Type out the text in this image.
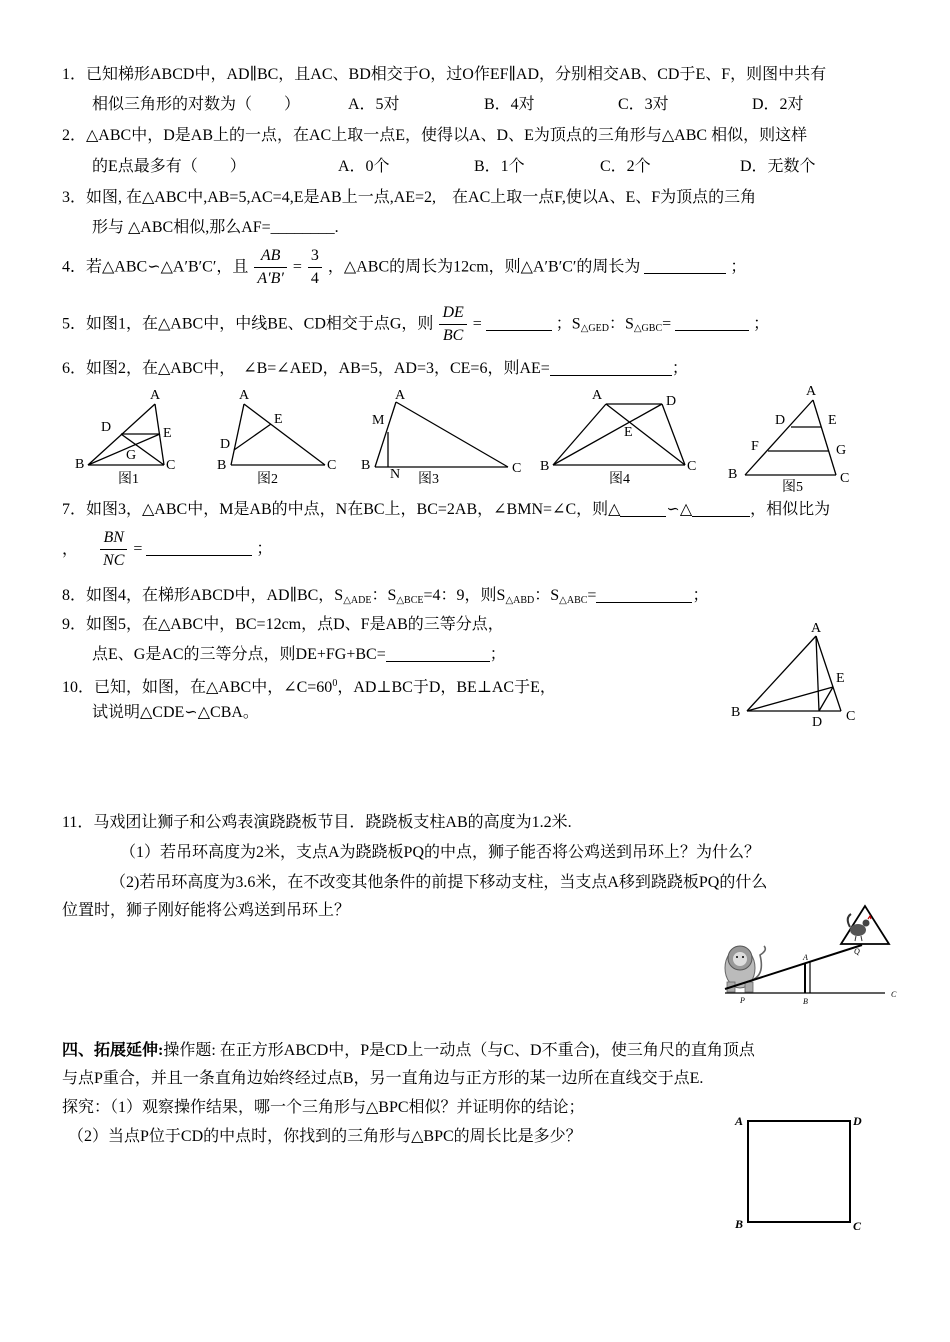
1．已知梯形ABCD中，AD∥BC，且AC、BD相交于O，过O作EF∥AD，分别相交AB、CD于E、F，则图中共有
相似三角形的对数为（　　）	A．5对	B．4对	C．3对	D．2对
2．△ABC中，D是AB上的一点，在AC上取一点E，使得以A、D、E为顶点的三角形与△ABC 相似，则这样
的E点最多有（　　）	A．0个	B．1个	C．2个	D．无数个
3．如图, 在△ABC中,AB=5,AC=4,E是AB上一点,AE=2,　在AC上取一点F,使以A、E、F为顶点的三角
形与 △ABC相似,那么AF=________.
4．若△ABC∽△A′B′C′，且 $\frac{AB}{A'B'} = \frac{3}{4}$ ，△ABC的周长为12cm，则△A′B′C′的周长为	；
5．如图1，在△ABC中，中线BE、CD相交于点G，则 $\frac{DE}{BC}$ =	；$S_{\triangle GED}$：$S_{\triangle GBC}=$	；
6．如图2，在△ABC中，　∠B=∠AED，AB=5，AD=3，CE=6，则AE=	；
A
D	E
G
B	C
图1
A
E
D
B	C
图2
A
M
B
N	C
图3
A	D
E
B	C
图4
A
D	E
F	G
B	C
图5
7．如图3，△ABC中，M是AB的中点，N在BC上，BC=2AB，∠BMN=∠C，则△	∽△	，相似比为
， $\frac{BN}{NC}$ =	；
8．如图4，在梯形ABCD中，AD∥BC，$S_{\triangle ADE}$：$S_{\triangle BCE}=4$：9，则$S_{\triangle ABD}$：$S_{\triangle ABC}=$	；
9．如图5，在△ABC中，BC=12cm，点D、F是AB的三等分点，
点E、G是AC的三等分点，则DE+FG+BC=	；
10．已知，如图，在△ABC中，$\angle C=60^0$，AD⊥BC于D，BE⊥AC于E，
试说明△CDE∽△CBA。
A
E
B
D C
11．马戏团让狮子和公鸡表演跷跷板节目．跷跷板支柱AB的高度为1.2米.
（1）若吊环高度为2米，支点A为跷跷板PQ的中点，狮子能否将公鸡送到吊环上？为什么？
（2)若吊环高度为3.6米，在不改变其他条件的前提下移动支柱，当支点A移到跷跷板PQ的什么
位置时，狮子刚好能将公鸡送到吊环上？
A
Q
P	B
C
四、拓展延伸:操作题: 在正方形ABCD中，P是CD上一动点（与C、D不重合)，使三角尺的直角顶点
与点P重合，并且一条直角边始终经过点B，另一直角边与正方形的某一边所在直线交于点E.
探究：（1）观察操作结果，哪一个三角形与△BPC相似？并证明你的结论；
（2）当点P位于CD的中点时，你找到的三角形与△BPC的周长比是多少？
A	D
B	C
